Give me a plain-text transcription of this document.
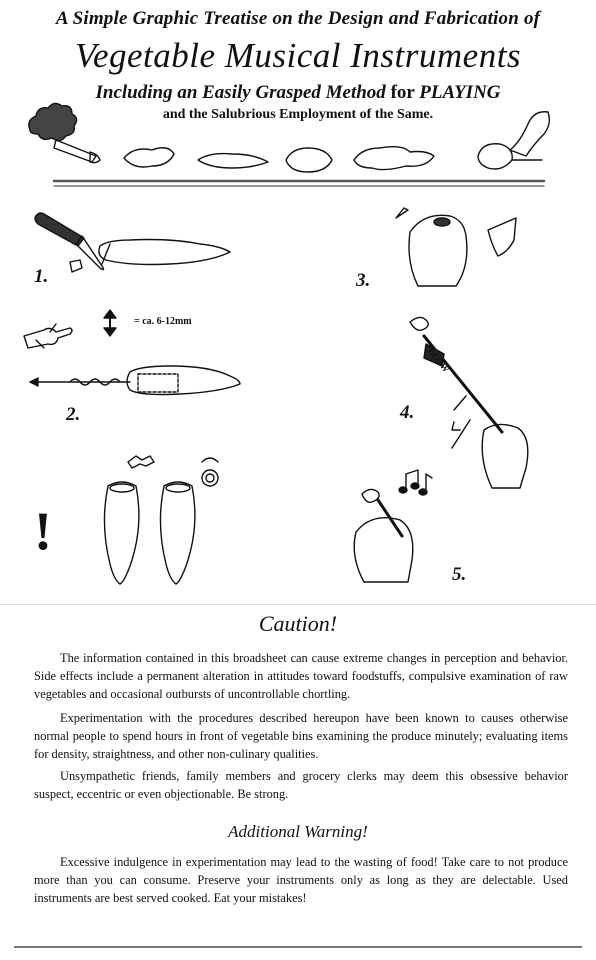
A Simple Graphic Treatise on the Design and Fabrication of
Vegetable Musical Instruments
Including an Easily Grasped Method for PLAYING
and the Salubrious Employment of the Same.
1.
2.
3.
4.
5.
= ca. 6-12mm
!
BLOW
Caution!
The information contained in this broadsheet can cause extreme changes in perception and behavior. Side effects include a permanent alteration in attitudes toward foodstuffs, compulsive examination of raw vegetables and occasional outbursts of uncontrollable chortling.
Experimentation with the procedures described hereupon have been known to causes otherwise normal people to spend hours in front of vegetable bins examining the produce minutely; evaluating items for density, straightness, and other non-culinary qualities.
Unsympathetic friends, family members and grocery clerks may deem this obsessive behavior suspect, eccentric or even objectionable. Be strong.
Additional Warning!
Excessive indulgence in experimentation may lead to the wasting of food! Take care to not produce more than you can consume. Preserve your instruments only as long as they are delectable. Used instruments are best served cooked. Eat your mistakes!
